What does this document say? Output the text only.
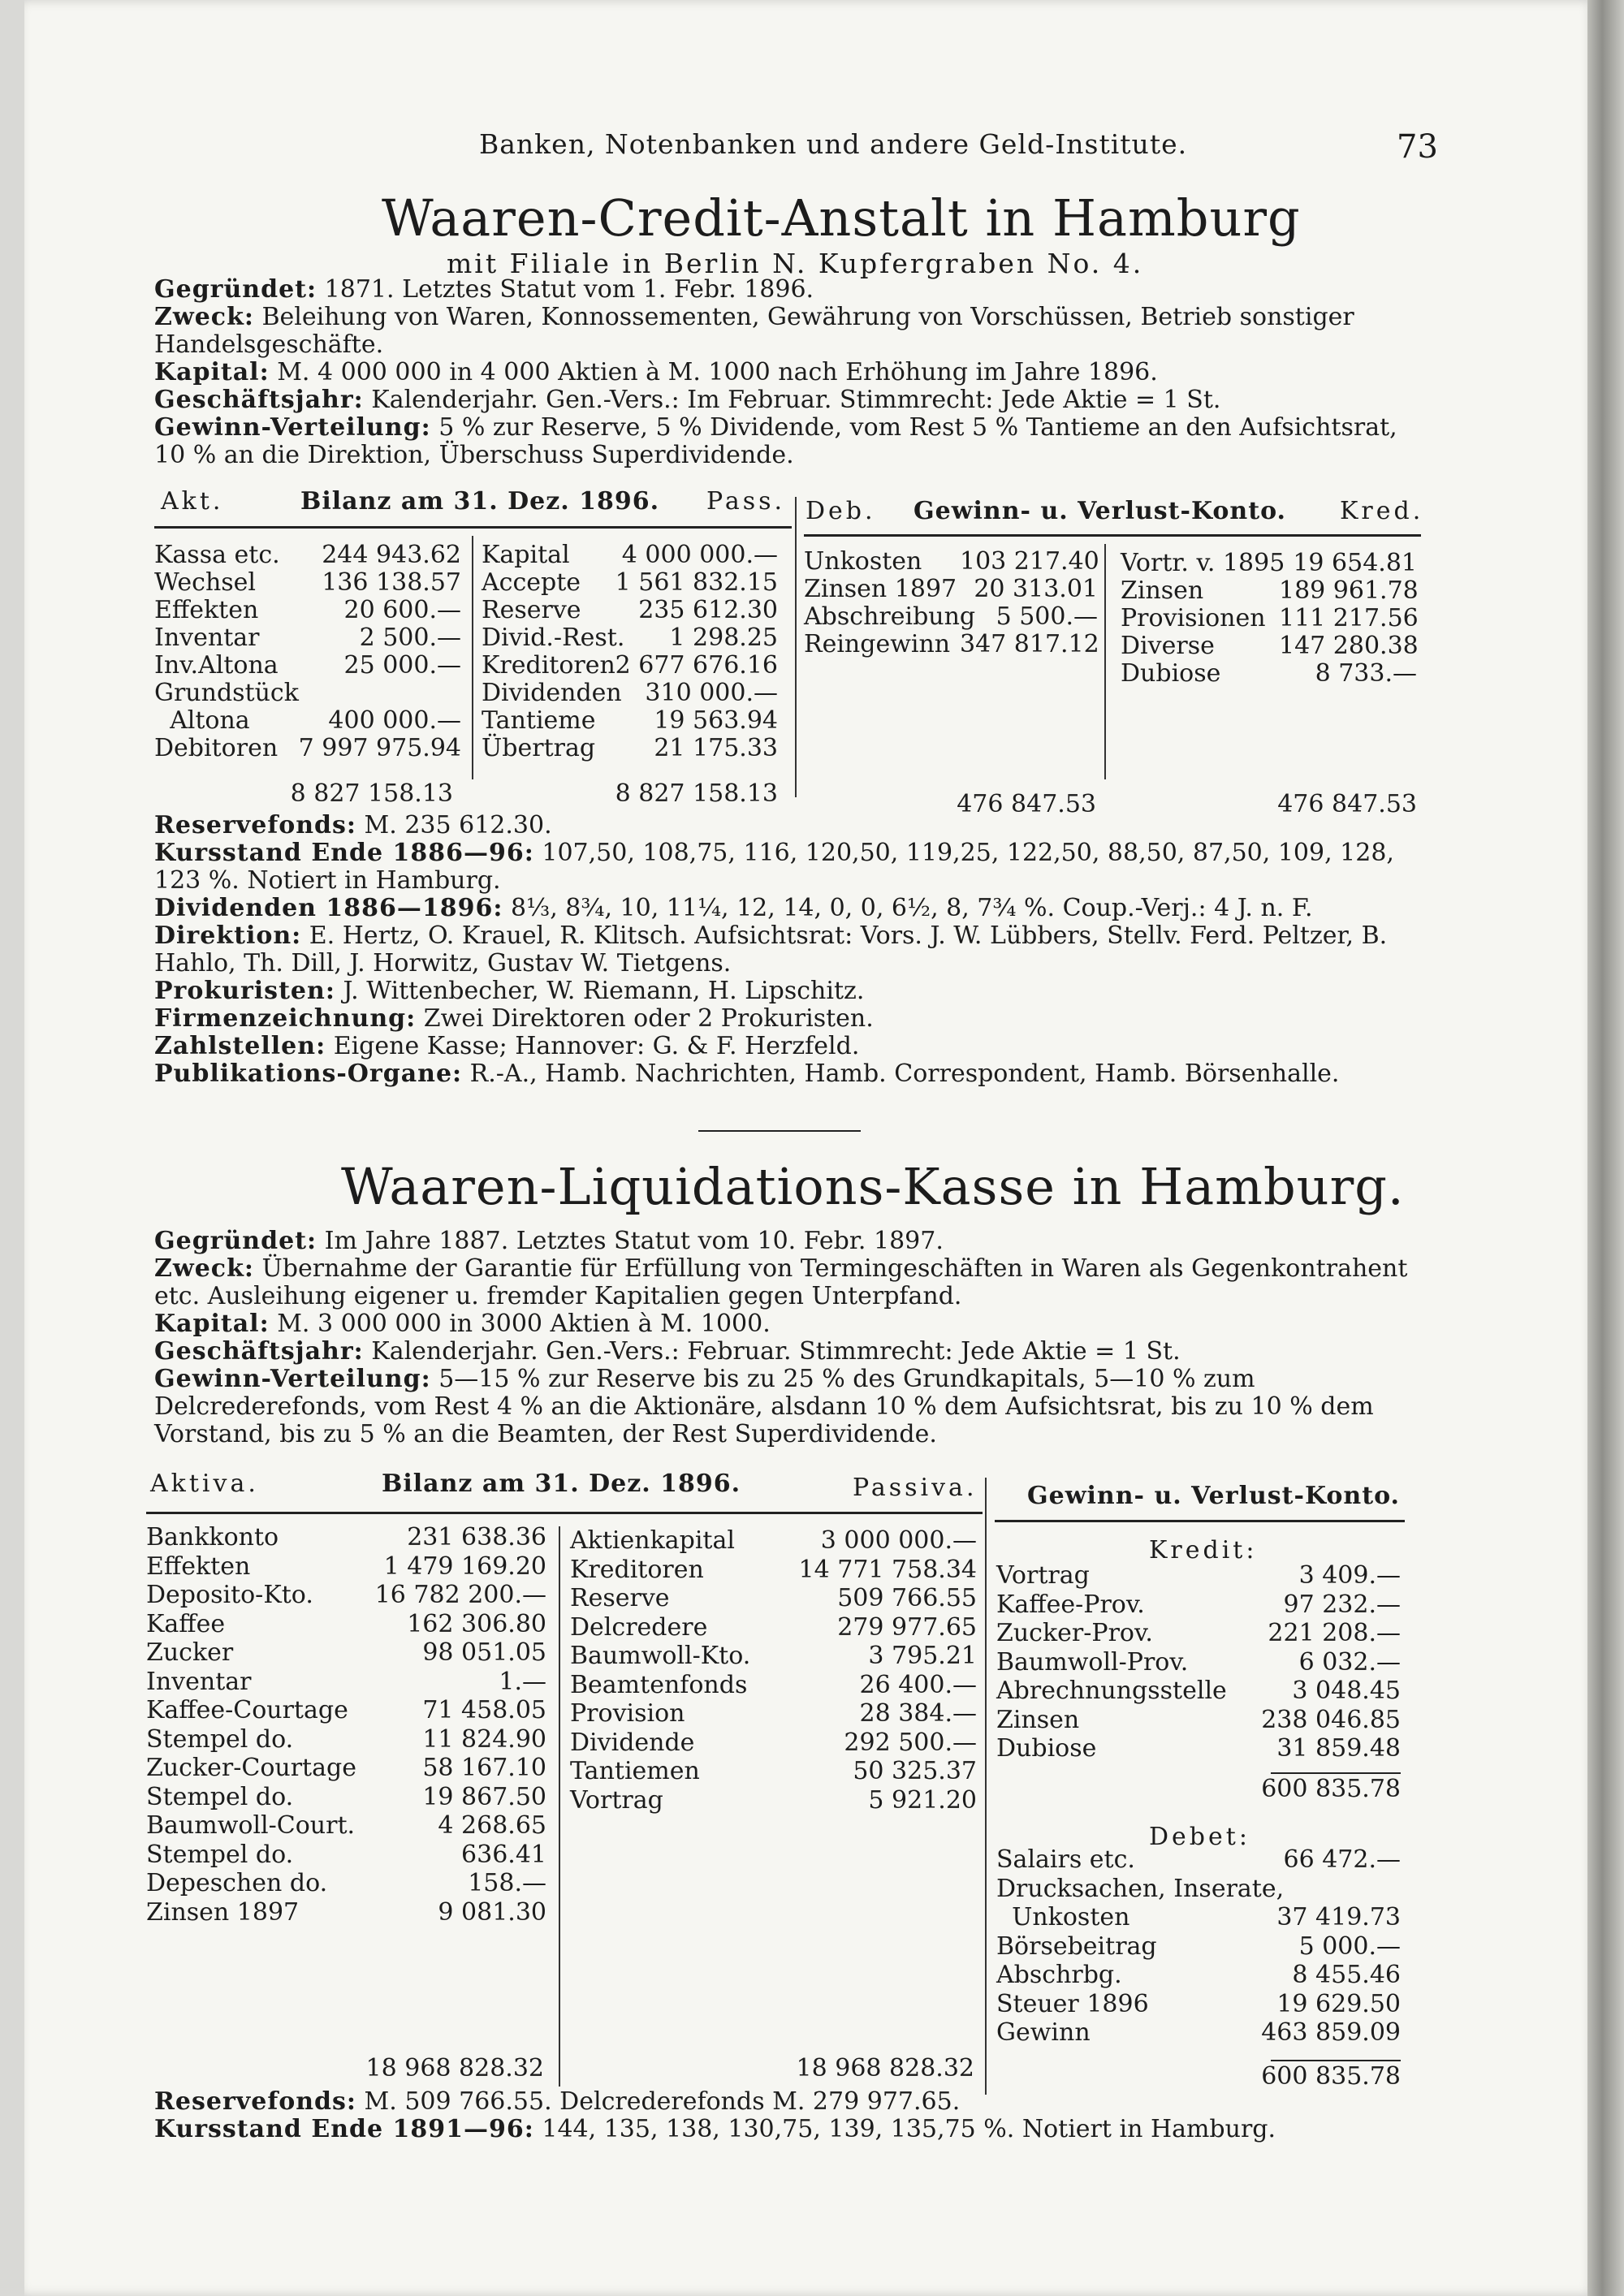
Banken, Notenbanken und andere Geld-Institute.	73
Waaren-Credit-Anstalt in Hamburg
mit Filiale in Berlin N. Kupfergraben No. 4.
Gegründet: 1871. Letztes Statut vom 1. Febr. 1896.
Zweck: Beleihung von Waren, Konnossementen, Gewährung von Vorschüssen, Betrieb sonstiger Handelsgeschäfte.
Kapital: M. 4 000 000 in 4 000 Aktien à M. 1000 nach Erhöhung im Jahre 1896.
Geschäftsjahr: Kalenderjahr. Gen.-Vers.: Im Februar. Stimmrecht: Jede Aktie = 1 St.
Gewinn-Verteilung: 5 % zur Reserve, 5 % Dividende, vom Rest 5 % Tantieme an den Aufsichtsrat, 10 % an die Direktion, Überschuss Superdividende.
Akt.	Bilanz am 31. Dez. 1896. Pass. Deb. Gewinn- u. Verlust-Konto. Kred.
Kassa etc.	244 943.62
Wechsel	136 138.57
Effekten	20 600.—
Inventar	2 500.—
Inv.Altona	25 000.—
Grundstück
Altona	400 000.—
Debitoren 7 997 975.94
Kapital	4 000 000.—
Accepte	1 561 832.15
Reserve	235 612.30
Divid.-Rest.	1 298.25
Kreditoren 2 677 676.16
Dividenden 310 000.—
Tantieme	19 563.94
Übertrag	21 175.33
Unkosten 103 217.40
Zinsen 1897 20 313.01
Abschreibung 5 500.—
Reingewinn 347 817.12
Vortr. v. 1895 19 654.81
Zinsen	189 961.78
Provisionen 111 217.56
Diverse	147 280.38
Dubiose	8 733.—
8 827 158.13	8 827 158.13	476 847.53	476 847.53
Reservefonds: M. 235 612.30.
Kursstand Ende 1886—96: 107,50, 108,75, 116, 120,50, 119,25, 122,50, 88,50, 87,50, 109, 128, 123 %. Notiert in Hamburg.
Dividenden 1886—1896: 8⅓, 8¾, 10, 11¼, 12, 14, 0, 0, 6½, 8, 7¾ %. Coup.-Verj.: 4 J. n. F.
Direktion: E. Hertz, O. Krauel, R. Klitsch. Aufsichtsrat: Vors. J. W. Lübbers, Stellv. Ferd. Peltzer, B. Hahlo, Th. Dill, J. Horwitz, Gustav W. Tietgens.
Prokuristen: J. Wittenbecher, W. Riemann, H. Lipschitz.
Firmenzeichnung: Zwei Direktoren oder 2 Prokuristen.
Zahlstellen: Eigene Kasse; Hannover: G. & F. Herzfeld.
Publikations-Organe: R.-A., Hamb. Nachrichten, Hamb. Correspondent, Hamb. Börsenhalle.
Waaren-Liquidations-Kasse in Hamburg.
Gegründet: Im Jahre 1887. Letztes Statut vom 10. Febr. 1897.
Zweck: Übernahme der Garantie für Erfüllung von Termingeschäften in Waren als Gegenkontrahent etc. Ausleihung eigener u. fremder Kapitalien gegen Unterpfand.
Kapital: M. 3 000 000 in 3000 Aktien à M. 1000.
Geschäftsjahr: Kalenderjahr. Gen.-Vers.: Februar. Stimmrecht: Jede Aktie = 1 St.
Gewinn-Verteilung: 5—15 % zur Reserve bis zu 25 % des Grundkapitals, 5—10 % zum Delcrederefonds, vom Rest 4 % an die Aktionäre, alsdann 10 % dem Aufsichtsrat, bis zu 10 % dem Vorstand, bis zu 5 % an die Beamten, der Rest Superdividende.
Aktiva.	Bilanz am 31. Dez. 1896.	Passiva. Gewinn- u. Verlust-Konto.
Bankkonto	231 638.36
Effekten	1 479 169.20
Deposito-Kto.	16 782 200.—
Kaffee	162 306.80
Zucker	98 051.05
Inventar	1.—
Kaffee-Courtage	71 458.05
Stempel do.	11 824.90
Zucker-Courtage	58 167.10
Stempel do.	19 867.50
Baumwoll-Court.	4 268.65
Stempel do.	636.41
Depeschen do.	158.—
Zinsen 1897	9 081.30
Aktienkapital	3 000 000.—
Kreditoren	14 771 758.34
Reserve	509 766.55
Delcredere	279 977.65
Baumwoll-Kto.	3 795.21
Beamtenfonds	26 400.—
Provision	28 384.—
Dividende	292 500.—
Tantiemen	50 325.37
Vortrag	5 921.20
18 968 828.32	18 968 828.32
Kredit:
Vortrag	3 409.—
Kaffee-Prov.	97 232.—
Zucker-Prov.	221 208.—
Baumwoll-Prov.	6 032.—
Abrechnungsstelle	3 048.45
Zinsen	238 046.85
Dubiose	31 859.48
600 835.78
Debet:
Salairs etc.	66 472.—
Drucksachen, Inserate,
Unkosten	37 419.73
Börsebeitrag	5 000.—
Abschrbg.	8 455.46
Steuer 1896	19 629.50
Gewinn	463 859.09
600 835.78
Reservefonds: M. 509 766.55. Delcrederefonds M. 279 977.65.
Kursstand Ende 1891—96: 144, 135, 138, 130,75, 139, 135,75 %. Notiert in Hamburg.
